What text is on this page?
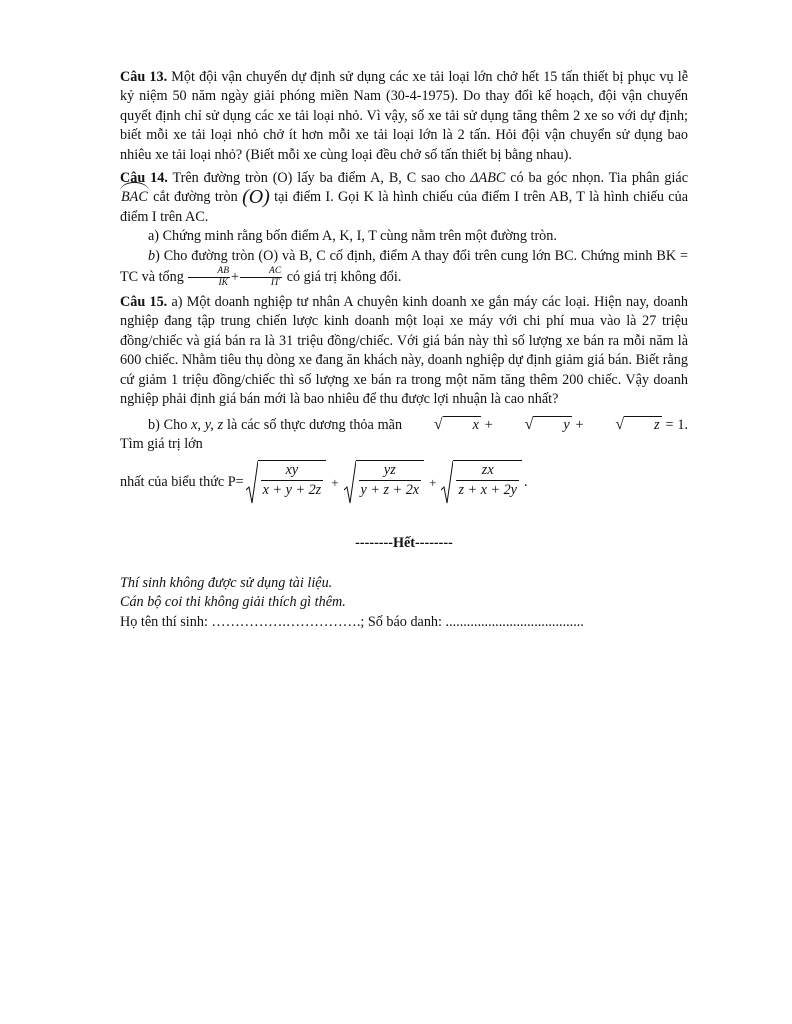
Câu 13. Một đội vận chuyển dự định sử dụng các xe tải loại lớn chở hết 15 tấn thiết bị phục vụ lễ kỷ niệm 50 năm ngày giải phóng miền Nam (30-4-1975). Do thay đổi kế hoạch, đội vận chuyển quyết định chỉ sử dụng các xe tải loại nhỏ. Vì vậy, số xe tải sử dụng tăng thêm 2 xe so với dự định; biết mỗi xe tải loại nhỏ chở ít hơn mỗi xe tải loại lớn là 2 tấn. Hỏi đội vận chuyển sử dụng bao nhiêu xe tải loại nhỏ? (Biết mỗi xe cùng loại đều chở số tấn thiết bị bằng nhau).

Câu 14. Trên đường tròn (O) lấy ba điểm A, B, C sao cho ΔABC có ba góc nhọn. Tia phân giác BAC cắt đường tròn (O) tại điểm I. Gọi K là hình chiếu của điểm I trên AB, T là hình chiếu của điểm I trên AC.

a) Chứng minh rằng bốn điểm A, K, I, T cùng nằm trên một đường tròn.

b) Cho đường tròn (O) và B, C cố định, điểm A thay đổi trên cung lớn BC. Chứng minh BK = TC và tổng $\frac{AB}{IK} + \frac{AC}{IT}$ có giá trị không đổi.

Câu 15. a) Một doanh nghiệp tư nhân A chuyên kinh doanh xe gắn máy các loại. Hiện nay, doanh nghiệp đang tập trung chiến lược kinh doanh một loại xe máy với chi phí mua vào là 27 triệu đồng/chiếc và giá bán ra là 31 triệu đồng/chiếc. Với giá bán này thì số lượng xe bán ra mỗi năm là 600 chiếc. Nhằm tiêu thụ dòng xe đang ăn khách này, doanh nghiệp dự định giảm giá bán. Biết rằng cứ giảm 1 triệu đồng/chiếc thì số lượng xe bán ra trong một năm tăng thêm 200 chiếc. Vậy doanh nghiệp phải định giá bán mới là bao nhiêu để thu được lợi nhuận là cao nhất?

b) Cho x, y, z là các số thực dương thỏa mãn	√	x +	√	y +	√	z = 1. Tìm giá trị lớn

nhất của biểu thức $P= \frac{xy}{x + y + 2z} + \frac{yz}{y + z + 2x} + \frac{zx}{z + x + 2y}$ .

--------Hết--------

Thí sinh không được sử dụng tài liệu.

Cán bộ coi thi không giải thích gì thêm.

Họ tên thí sinh: …………….…………….; Số báo danh: .......................................
